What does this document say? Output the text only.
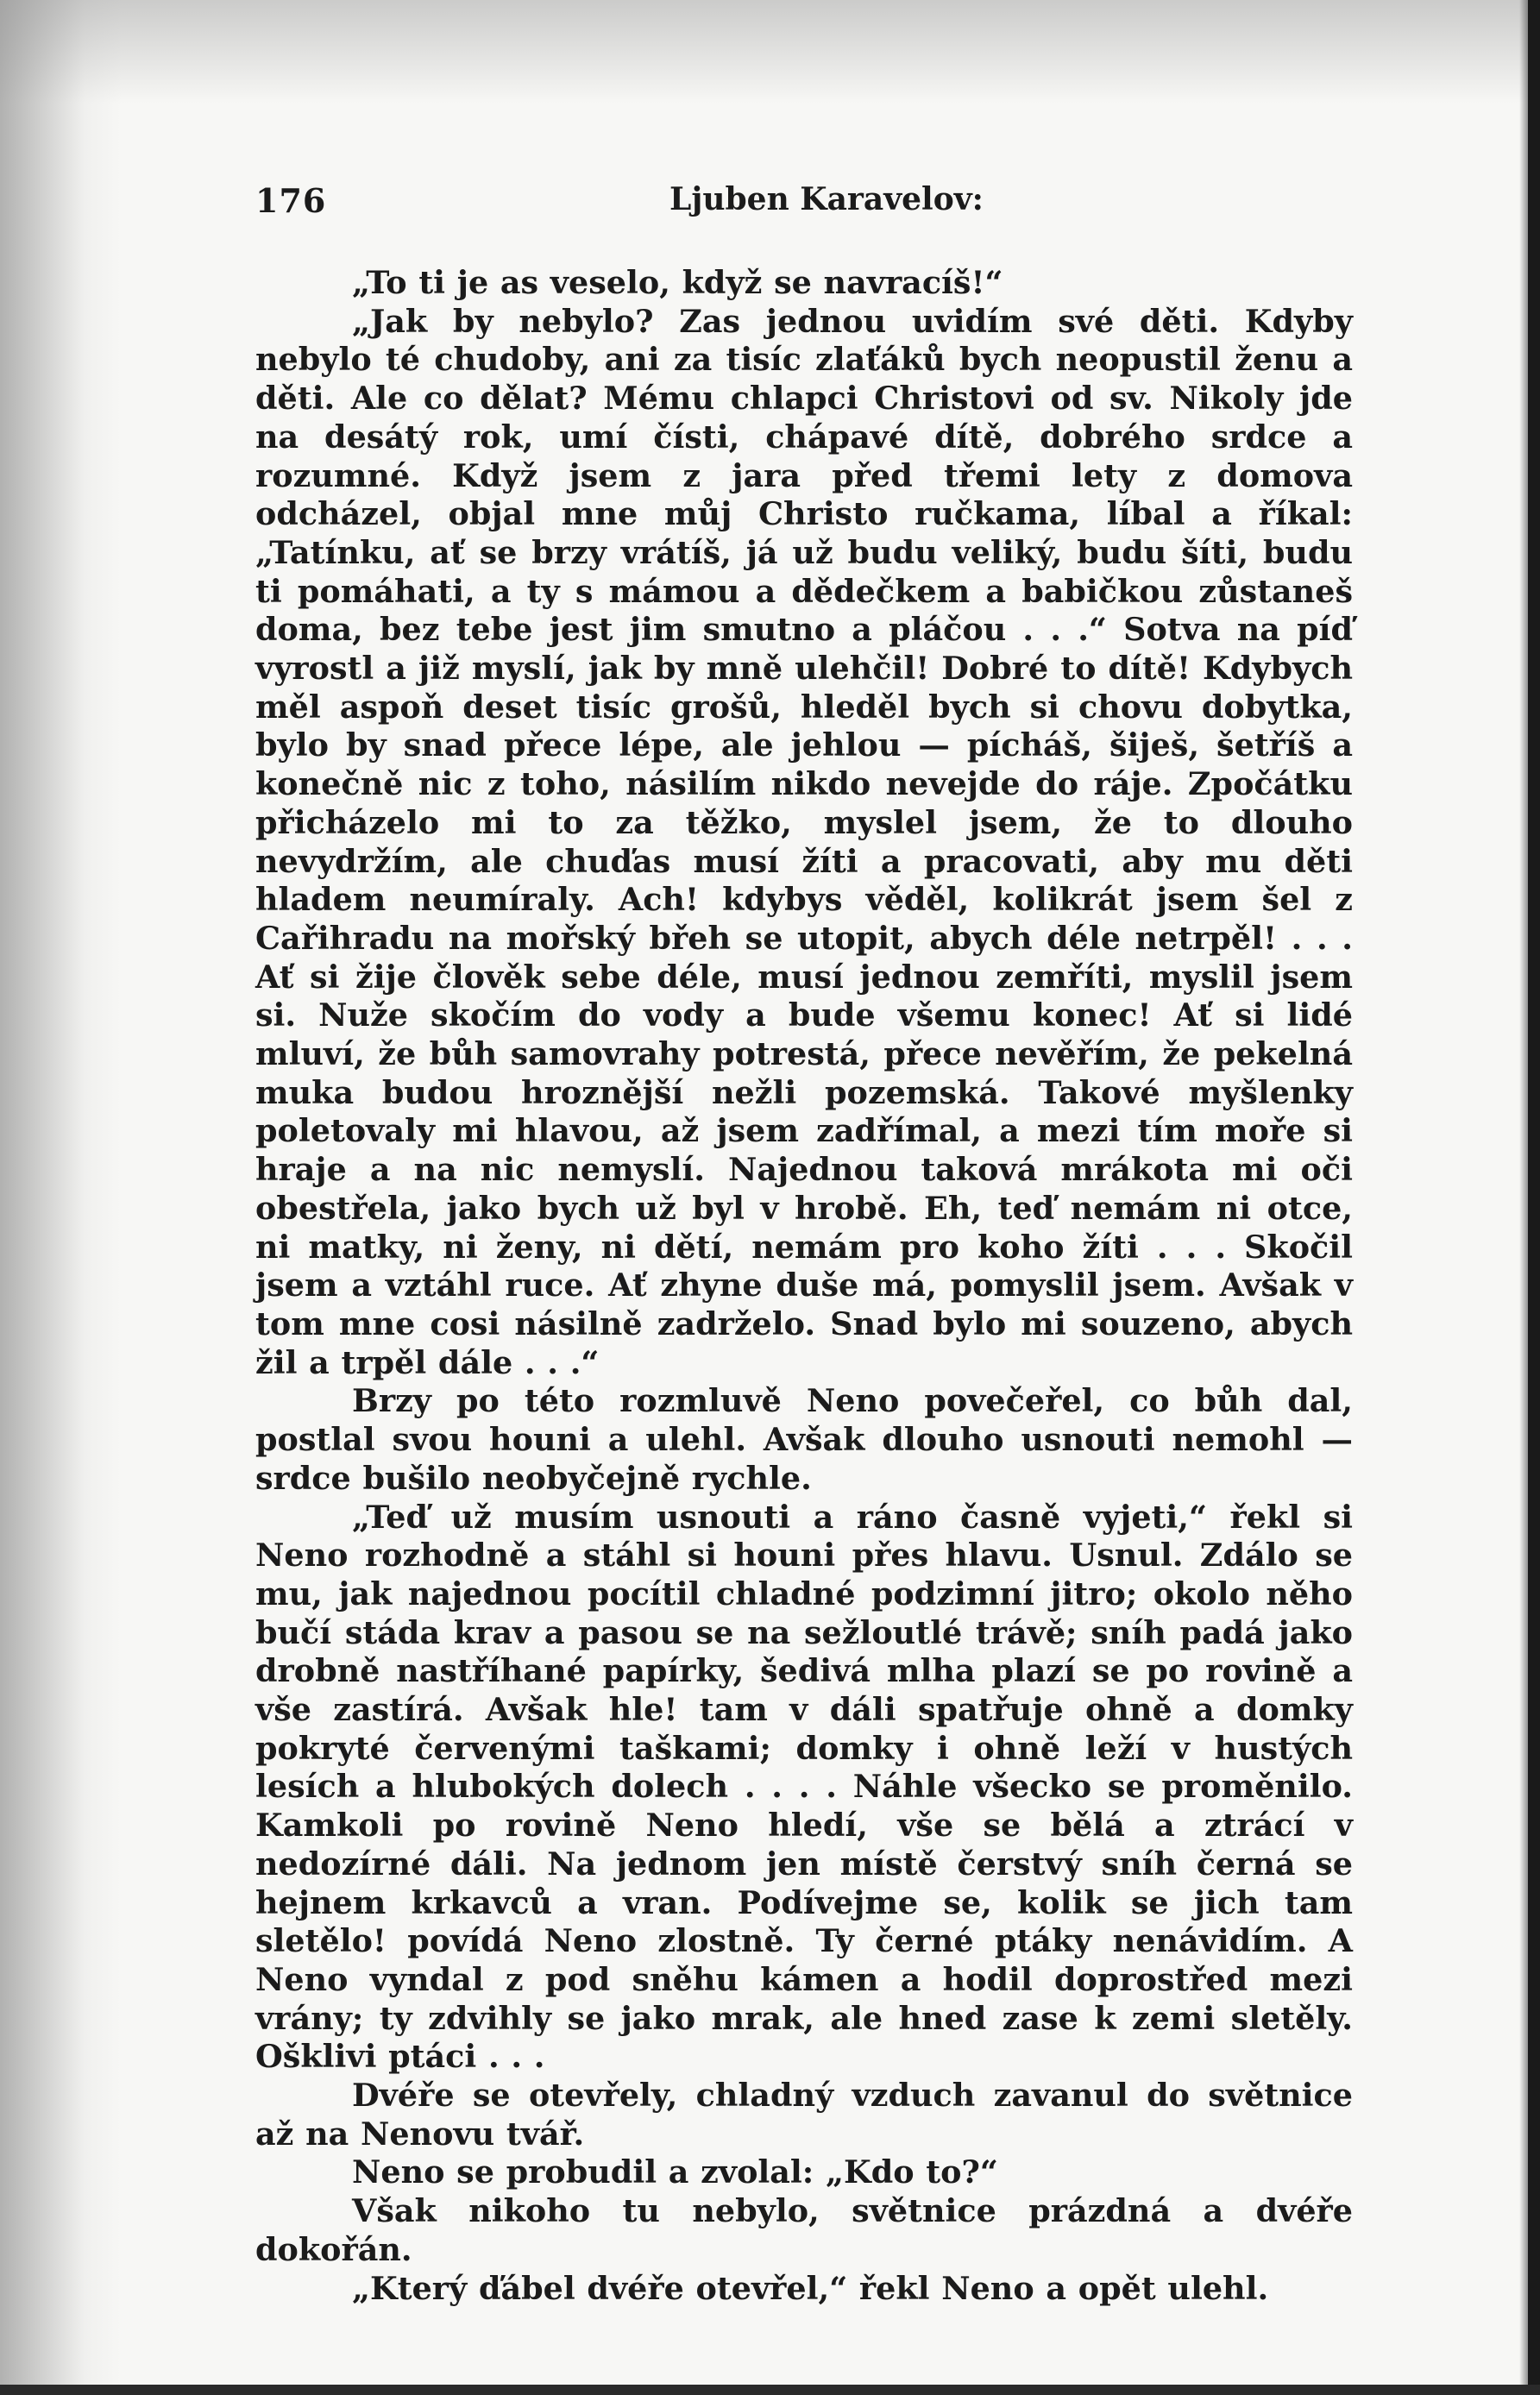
176	Ljuben Karavelov:

„To ti je as veselo, když se navracíš!“

„Jak by nebylo? Zas jednou uvidím své děti. Kdyby nebylo té chudoby, ani za tisíc zlaťáků bych neopustil ženu a děti. Ale co dělat? Mému chlapci Christovi od sv. Nikoly jde na desátý rok, umí čísti, chápavé dítě, dobrého srdce a rozumné. Když jsem z jara před třemi lety z domova odcházel, objal mne můj Christo ručkama, líbal a říkal: „Tatínku, ať se brzy vrátíš, já už budu veliký, budu šíti, budu ti pomáhati, a ty s mámou a dědečkem a babičkou zůstaneš doma, bez tebe jest jim smutno a pláčou . . .“ Sotva na píď vyrostl a již myslí, jak by mně ulehčil! Dobré to dítě! Kdybych měl aspoň deset tisíc grošů, hleděl bych si chovu dobytka, bylo by snad přece lépe, ale jehlou — pícháš, šiješ, šetříš a konečně nic z toho, násilím nikdo nevejde do ráje. Zpočátku přicházelo mi to za těžko, myslel jsem, že to dlouho nevydržím, ale chuďas musí žíti a pracovati, aby mu děti hladem neumíraly. Ach! kdybys věděl, kolikrát jsem šel z Cařihradu na mořský břeh se utopit, abych déle netrpěl! . . . Ať si žije člověk sebe déle, musí jednou zemříti, myslil jsem si. Nuže skočím do vody a bude všemu konec! Ať si lidé mluví, že bůh samovrahy potrestá, přece nevěřím, že pekelná muka budou hroznější nežli pozemská. Takové myšlenky poletovaly mi hlavou, až jsem zadřímal, a mezi tím moře si hraje a na nic nemyslí. Najednou taková mrákota mi oči obestřela, jako bych už byl v hrobě. Eh, teď nemám ni otce, ni matky, ni ženy, ni dětí, nemám pro koho žíti . . . Skočil jsem a vztáhl ruce. Ať zhyne duše má, pomyslil jsem. Avšak v tom mne cosi násilně zadrželo. Snad bylo mi souzeno, abych žil a trpěl dále . . .“

Brzy po této rozmluvě Neno povečeřel, co bůh dal, postlal svou houni a ulehl. Avšak dlouho usnouti nemohl — srdce bušilo neobyčejně rychle.

„Teď už musím usnouti a ráno časně vyjeti,“ řekl si Neno rozhodně a stáhl si houni přes hlavu. Usnul. Zdálo se mu, jak najednou pocítil chladné podzimní jitro; okolo něho bučí stáda krav a pasou se na sežloutlé trávě; sníh padá jako drobně nastříhané papírky, šedivá mlha plazí se po rovině a vše zastírá. Avšak hle! tam v dáli spatřuje ohně a domky pokryté červenými taškami; domky i ohně leží v hustých lesích a hlubokých dolech . . . . Náhle všecko se proměnilo. Kamkoli po rovině Neno hledí, vše se bělá a ztrácí v nedozírné dáli. Na jednom jen místě čerstvý sníh černá se hejnem krkavců a vran. Podívejme se, kolik se jich tam sletělo! povídá Neno zlostně. Ty černé ptáky nenávidím. A Neno vyndal z pod sněhu kámen a hodil doprostřed mezi vrány; ty zdvihly se jako mrak, ale hned zase k zemi sletěly. Ošklivi ptáci . . .

Dvéře se otevřely, chladný vzduch zavanul do světnice až na Nenovu tvář.

Neno se probudil a zvolal: „Kdo to?“

Však nikoho tu nebylo, světnice prázdná a dvéře dokořán.

„Který ďábel dvéře otevřel,“ řekl Neno a opět ulehl.
